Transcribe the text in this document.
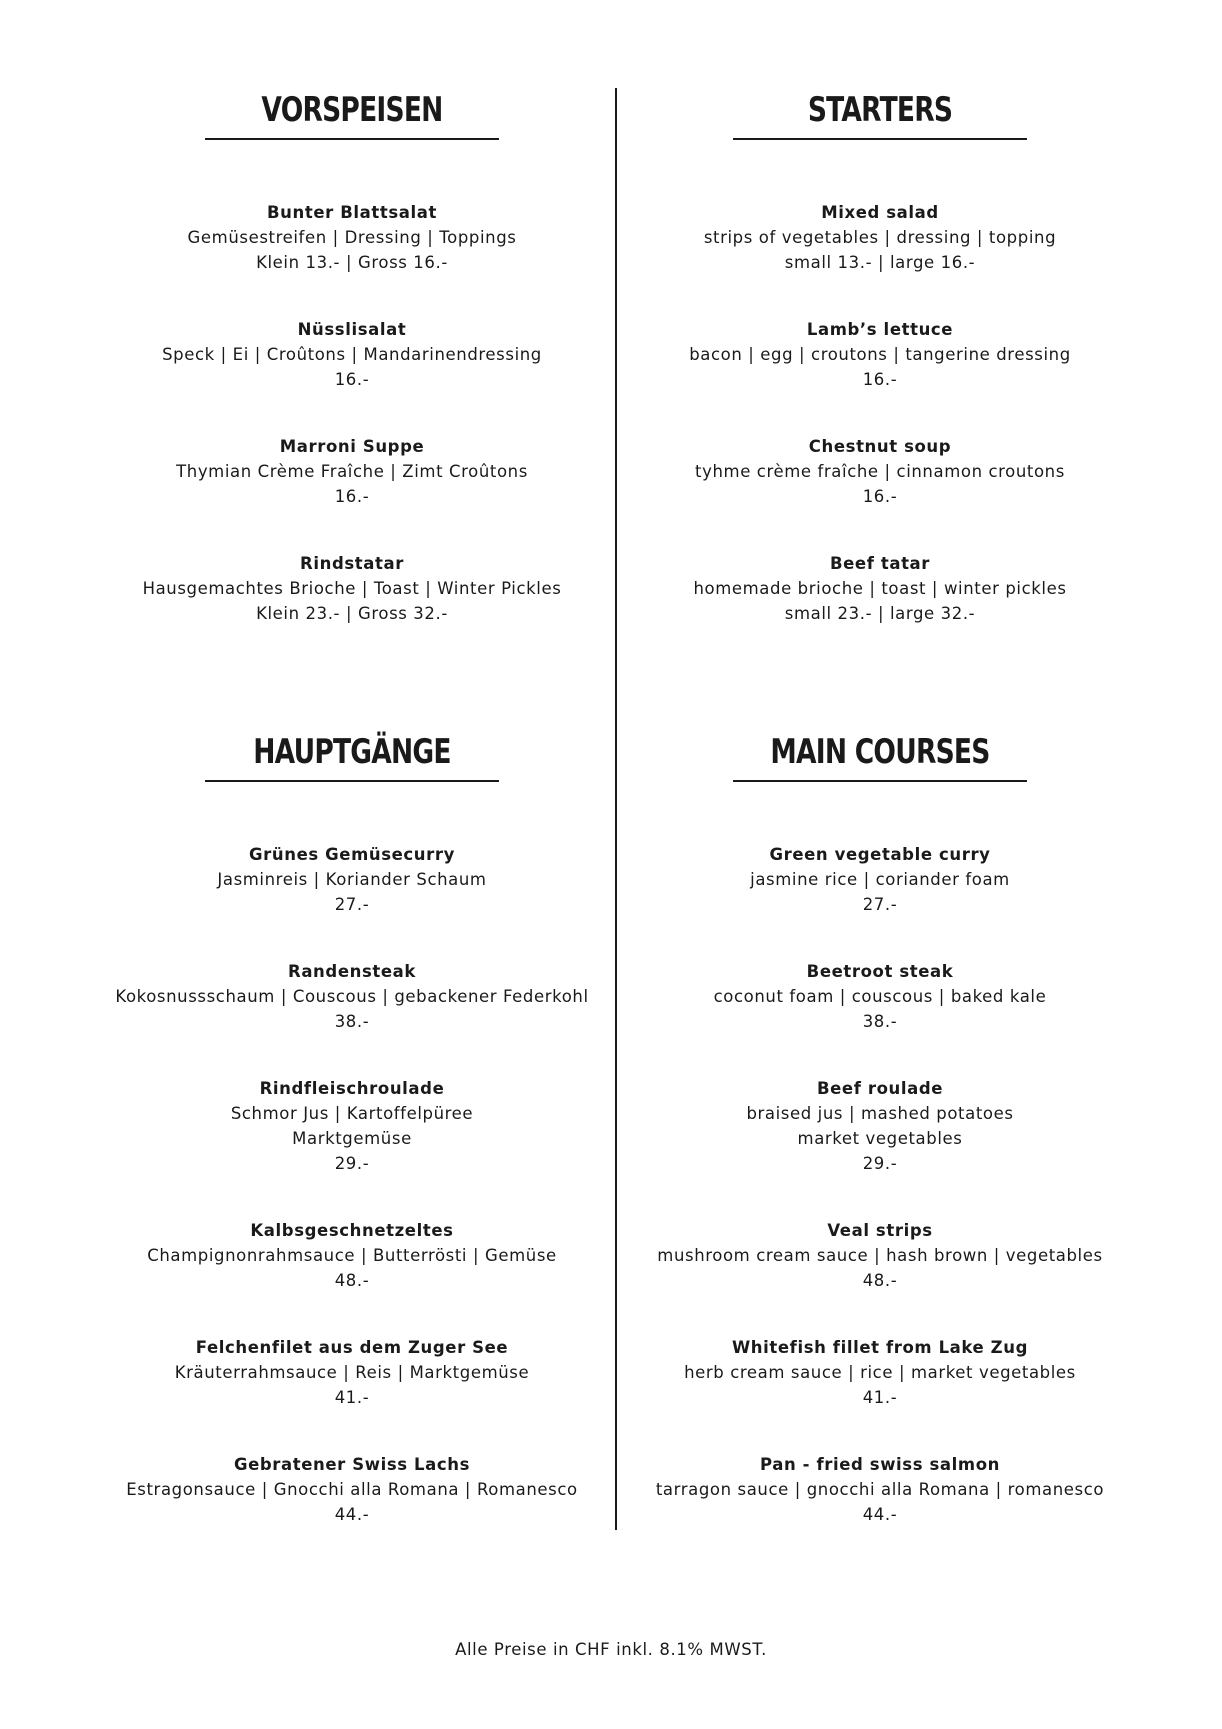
VORSPEISEN
Bunter Blattsalat
Gemüsestreifen | Dressing | Toppings
Klein 13.- | Gross 16.-
Nüsslisalat
Speck | Ei | Croûtons | Mandarinendressing
16.-
Marroni Suppe
Thymian Crème Fraîche | Zimt Croûtons
16.-
Rindstatar
Hausgemachtes Brioche | Toast | Winter Pickles
Klein 23.- | Gross 32.-
HAUPTGÄNGE
Grünes Gemüsecurry
Jasminreis | Koriander Schaum
27.-
Randensteak
Kokosnussschaum | Couscous | gebackener Federkohl
38.-
Rindfleischroulade
Schmor Jus | Kartoffelpüree
Marktgemüse
29.-
Kalbsgeschnetzeltes
Champignonrahmsauce | Butterrösti | Gemüse
48.-
Felchenfilet aus dem Zuger See
Kräuterrahmsauce | Reis | Marktgemüse
41.-
Gebratener Swiss Lachs
Estragonsauce | Gnocchi alla Romana | Romanesco
44.-
STARTERS
Mixed salad
strips of vegetables | dressing | topping
small 13.- | large 16.-
Lamb’s lettuce
bacon | egg | croutons | tangerine dressing
16.-
Chestnut soup
tyhme crème fraîche | cinnamon croutons
16.-
Beef tatar
homemade brioche | toast | winter pickles
small 23.- | large 32.-
MAIN COURSES
Green vegetable curry
jasmine rice | coriander foam
27.-
Beetroot steak
coconut foam | couscous | baked kale
38.-
Beef roulade
braised jus | mashed potatoes
market vegetables
29.-
Veal strips
mushroom cream sauce | hash brown | vegetables
48.-
Whitefish fillet from Lake Zug
herb cream sauce | rice | market vegetables
41.-
Pan - fried swiss salmon
tarragon sauce | gnocchi alla Romana | romanesco
44.-
Alle Preise in CHF inkl. 8.1% MWST.
